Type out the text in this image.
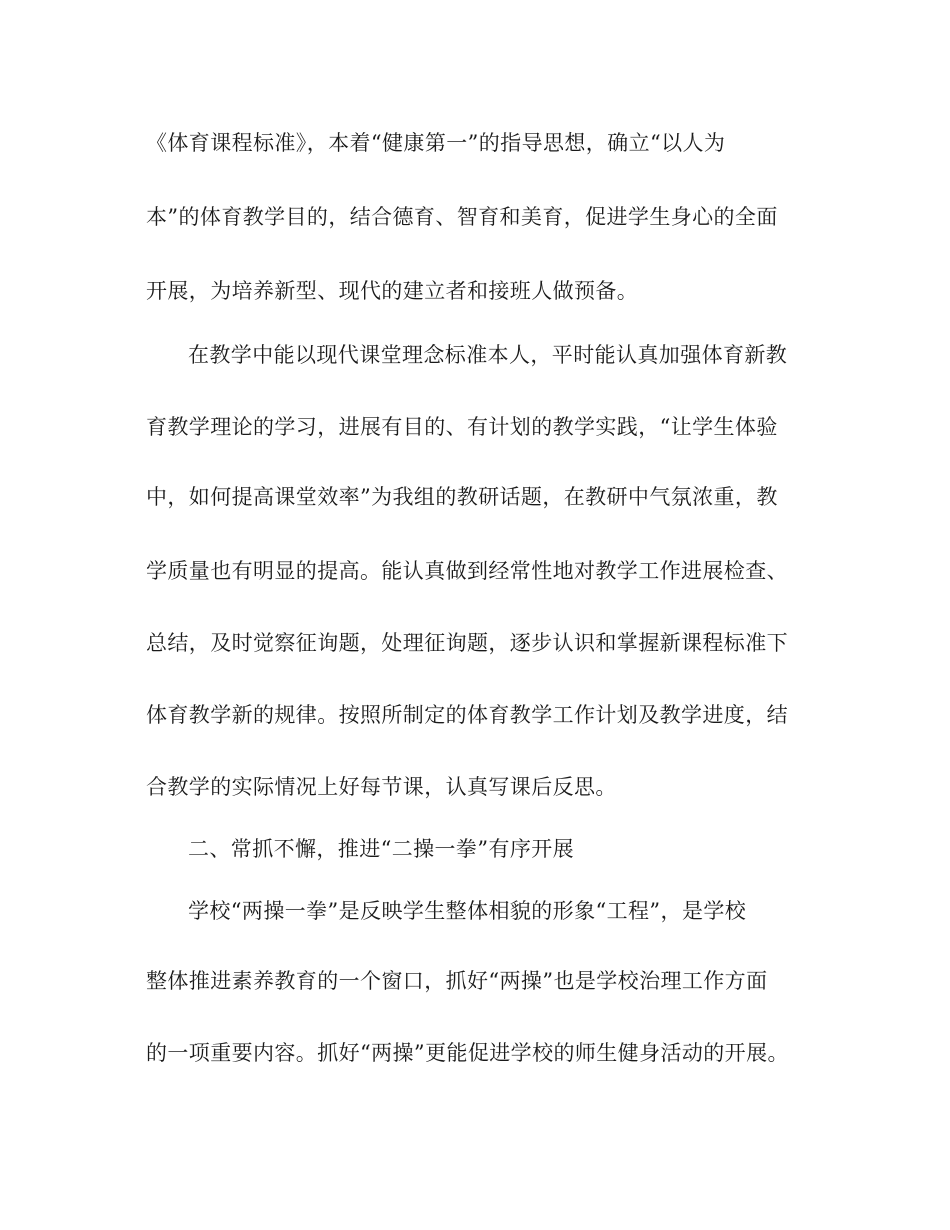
《体育课程标准》，本着“健康第一”的指导思想，确立“以人为
本”的体育教学目的，结合德育、智育和美育，促进学生身心的全面
开展，为培养新型、现代的建立者和接班人做预备。
在教学中能以现代课堂理念标准本人，平时能认真加强体育新教
育教学理论的学习，进展有目的、有计划的教学实践，“让学生体验
中，如何提高课堂效率”为我组的教研话题，在教研中气氛浓重，教
学质量也有明显的提高。能认真做到经常性地对教学工作进展检查、
总结，及时觉察征询题，处理征询题，逐步认识和掌握新课程标准下
体育教学新的规律。按照所制定的体育教学工作计划及教学进度，结
合教学的实际情况上好每节课，认真写课后反思。
二、常抓不懈，推进“二操一拳”有序开展
学校“两操一拳”是反映学生整体相貌的形象“工程”，是学校
整体推进素养教育的一个窗口，抓好“两操”也是学校治理工作方面
的一项重要内容。抓好“两操”更能促进学校的师生健身活动的开展。
